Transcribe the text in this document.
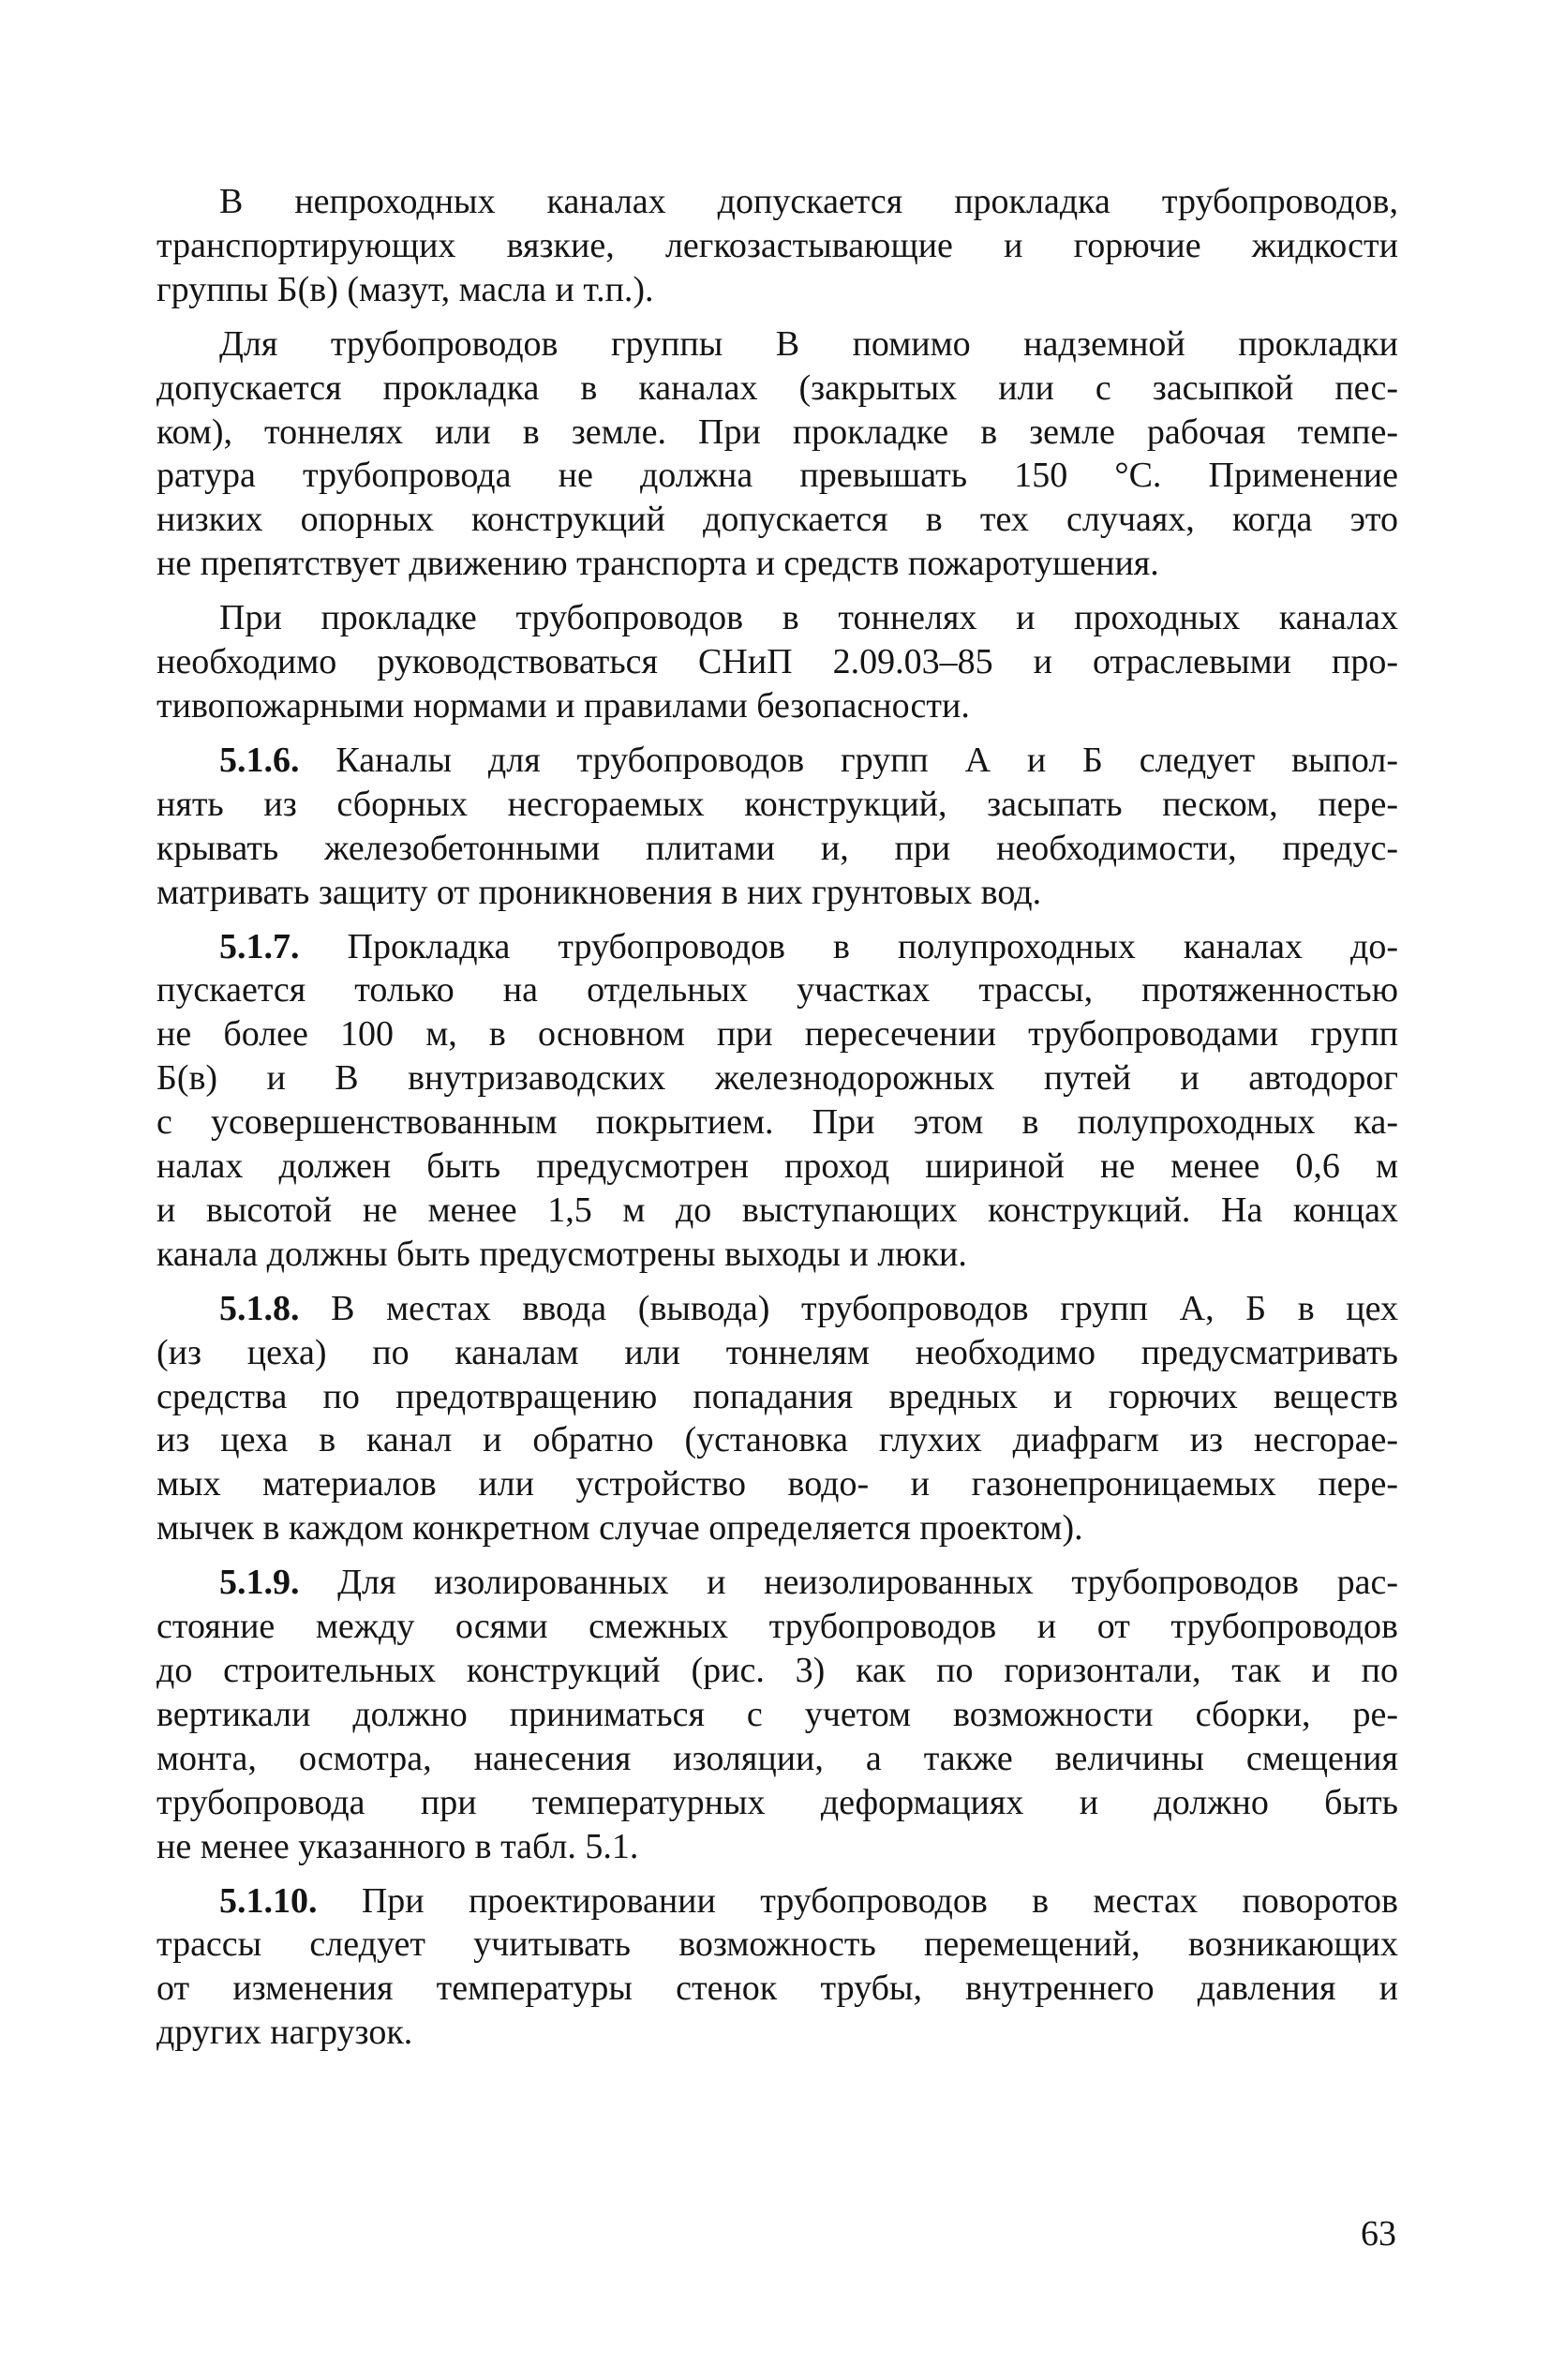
В непроходных каналах допускается прокладка трубопроводов,
транспортирующих вязкие, легкозастывающие и горючие жидкости
группы Б(в) (мазут, масла и т.п.).
Для трубопроводов группы В помимо надземной прокладки
допускается прокладка в каналах (закрытых или с засыпкой пес-
ком), тоннелях или в земле. При прокладке в земле рабочая темпе-
ратура трубопровода не должна превышать 150 °С. Применение
низких опорных конструкций допускается в тех случаях, когда это
не препятствует движению транспорта и средств пожаротушения.
При прокладке трубопроводов в тоннелях и проходных каналах
необходимо руководствоваться СНиП 2.09.03–85 и отраслевыми про-
тивопожарными нормами и правилами безопасности.
5.1.6. Каналы для трубопроводов групп А и Б следует выпол-
нять из сборных несгораемых конструкций, засыпать песком, пере-
крывать железобетонными плитами и, при необходимости, предус-
матривать защиту от проникновения в них грунтовых вод.
5.1.7. Прокладка трубопроводов в полупроходных каналах до-
пускается только на отдельных участках трассы, протяженностью
не более 100 м, в основном при пересечении трубопроводами групп
Б(в) и В внутризаводских железнодорожных путей и автодорог
с усовершенствованным покрытием. При этом в полупроходных ка-
налах должен быть предусмотрен проход шириной не менее 0,6 м
и высотой не менее 1,5 м до выступающих конструкций. На концах
канала должны быть предусмотрены выходы и люки.
5.1.8. В местах ввода (вывода) трубопроводов групп А, Б в цех
(из цеха) по каналам или тоннелям необходимо предусматривать
средства по предотвращению попадания вредных и горючих веществ
из цеха в канал и обратно (установка глухих диафрагм из несгорае-
мых материалов или устройство водо- и газонепроницаемых пере-
мычек в каждом конкретном случае определяется проектом).
5.1.9. Для изолированных и неизолированных трубопроводов рас-
стояние между осями смежных трубопроводов и от трубопроводов
до строительных конструкций (рис. 3) как по горизонтали, так и по
вертикали должно приниматься с учетом возможности сборки, ре-
монта, осмотра, нанесения изоляции, а также величины смещения
трубопровода при температурных деформациях и должно быть
не менее указанного в табл. 5.1.
5.1.10. При проектировании трубопроводов в местах поворотов
трассы следует учитывать возможность перемещений, возникающих
от изменения температуры стенок трубы, внутреннего давления и
других нагрузок.
63
